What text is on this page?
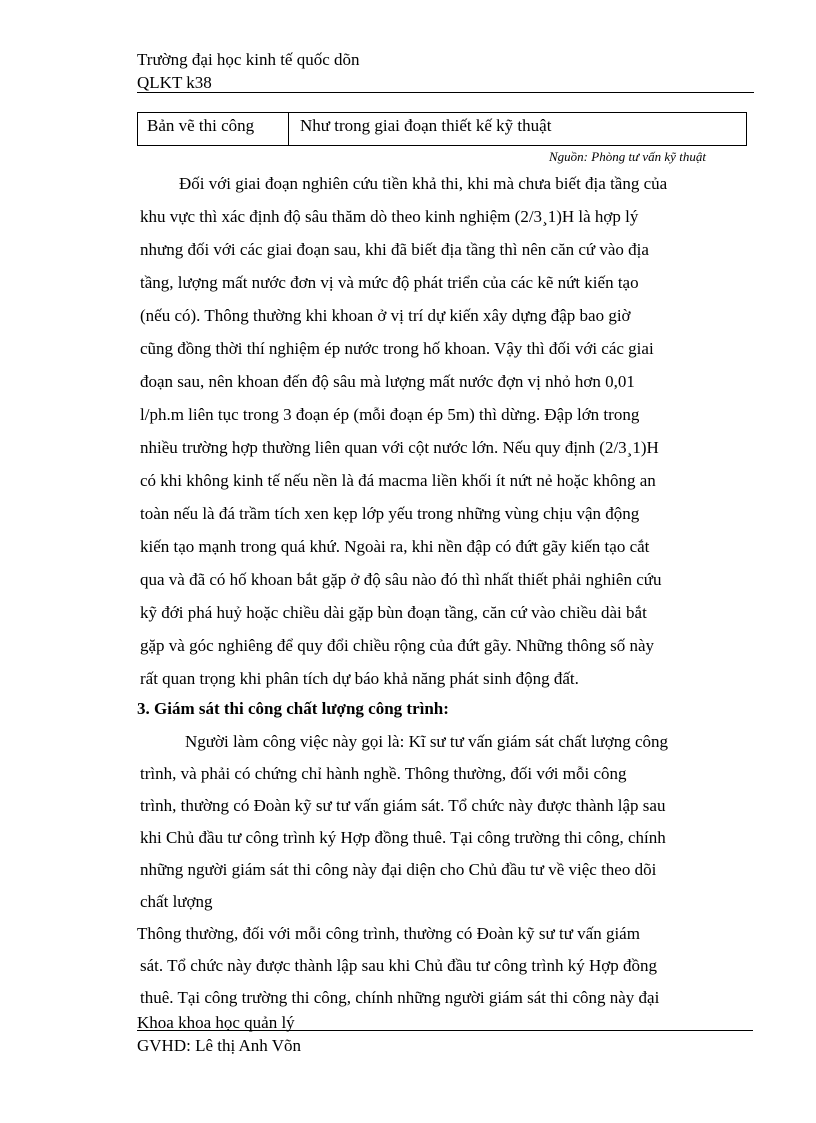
Trường đại học kinh tế quốc dõn
QLKT k38
Bản vẽ thi công	Như trong giai đoạn thiết kế kỹ thuật
Nguồn: Phòng tư vấn kỹ thuật
Đối với giai đoạn nghiên cứu tiền khả thi, khi mà chưa biết địa tầng của
khu vực thì xác định độ sâu thăm dò theo kinh nghiệm (2/3¸1)H là hợp lý
nhưng đối với các giai đoạn sau, khi đã biết địa tầng thì nên căn cứ vào địa
tầng, lượng mất nước đơn vị và mức độ phát triển của các kẽ nứt kiến tạo
(nếu có). Thông thường khi khoan ở vị trí dự kiến xây dựng đập bao giờ
cũng đồng thời thí nghiệm ép nước trong hố khoan. Vậy thì đối với các giai
đoạn sau, nên khoan đến độ sâu mà lượng mất nước đợn vị nhỏ hơn 0,01
l/ph.m liên tục trong 3 đoạn ép (mỗi đoạn ép 5m) thì dừng. Đập lớn trong
nhiều trường hợp thường liên quan với cột nước lớn. Nếu quy định (2/3¸1)H
có khi không kinh tế nếu nền là đá macma liền khối ít nứt nẻ hoặc không an
toàn nếu là đá trầm tích xen kẹp lớp yếu trong những vùng chịu vận động
kiến tạo mạnh trong quá khứ. Ngoài ra, khi nền đập có đứt gãy kiến tạo cắt
qua và đã có hố khoan bắt gặp ở độ sâu nào đó thì nhất thiết phải nghiên cứu
kỹ đới phá huỷ hoặc chiều dài gặp bùn đoạn tầng, căn cứ vào chiều dài bắt
gặp và góc nghiêng để quy đổi chiều rộng của đứt gãy. Những thông số này
rất quan trọng khi phân tích dự báo khả năng phát sinh động đất.
3. Giám sát thi công chất lượng công trình:
Người làm công việc này gọi là: Kĩ sư tư vấn giám sát chất lượng công
trình, và phải có chứng chỉ hành nghề. Thông thường, đối với mỗi công
trình, thường có Đoàn kỹ sư tư vấn giám sát. Tổ chức này được thành lập sau
khi Chủ đầu tư công trình ký Hợp đồng thuê. Tại công trường thi công, chính
những người giám sát thi công này đại diện cho Chủ đầu tư về việc theo dõi
chất lượng
Thông thường, đối với mỗi công trình, thường có Đoàn kỹ sư tư vấn giám
sát. Tổ chức này được thành lập sau khi Chủ đầu tư công trình ký Hợp đồng
thuê. Tại công trường thi công, chính những người giám sát thi công này đại
Khoa khoa học quản lý
GVHD: Lê thị Anh Võn
